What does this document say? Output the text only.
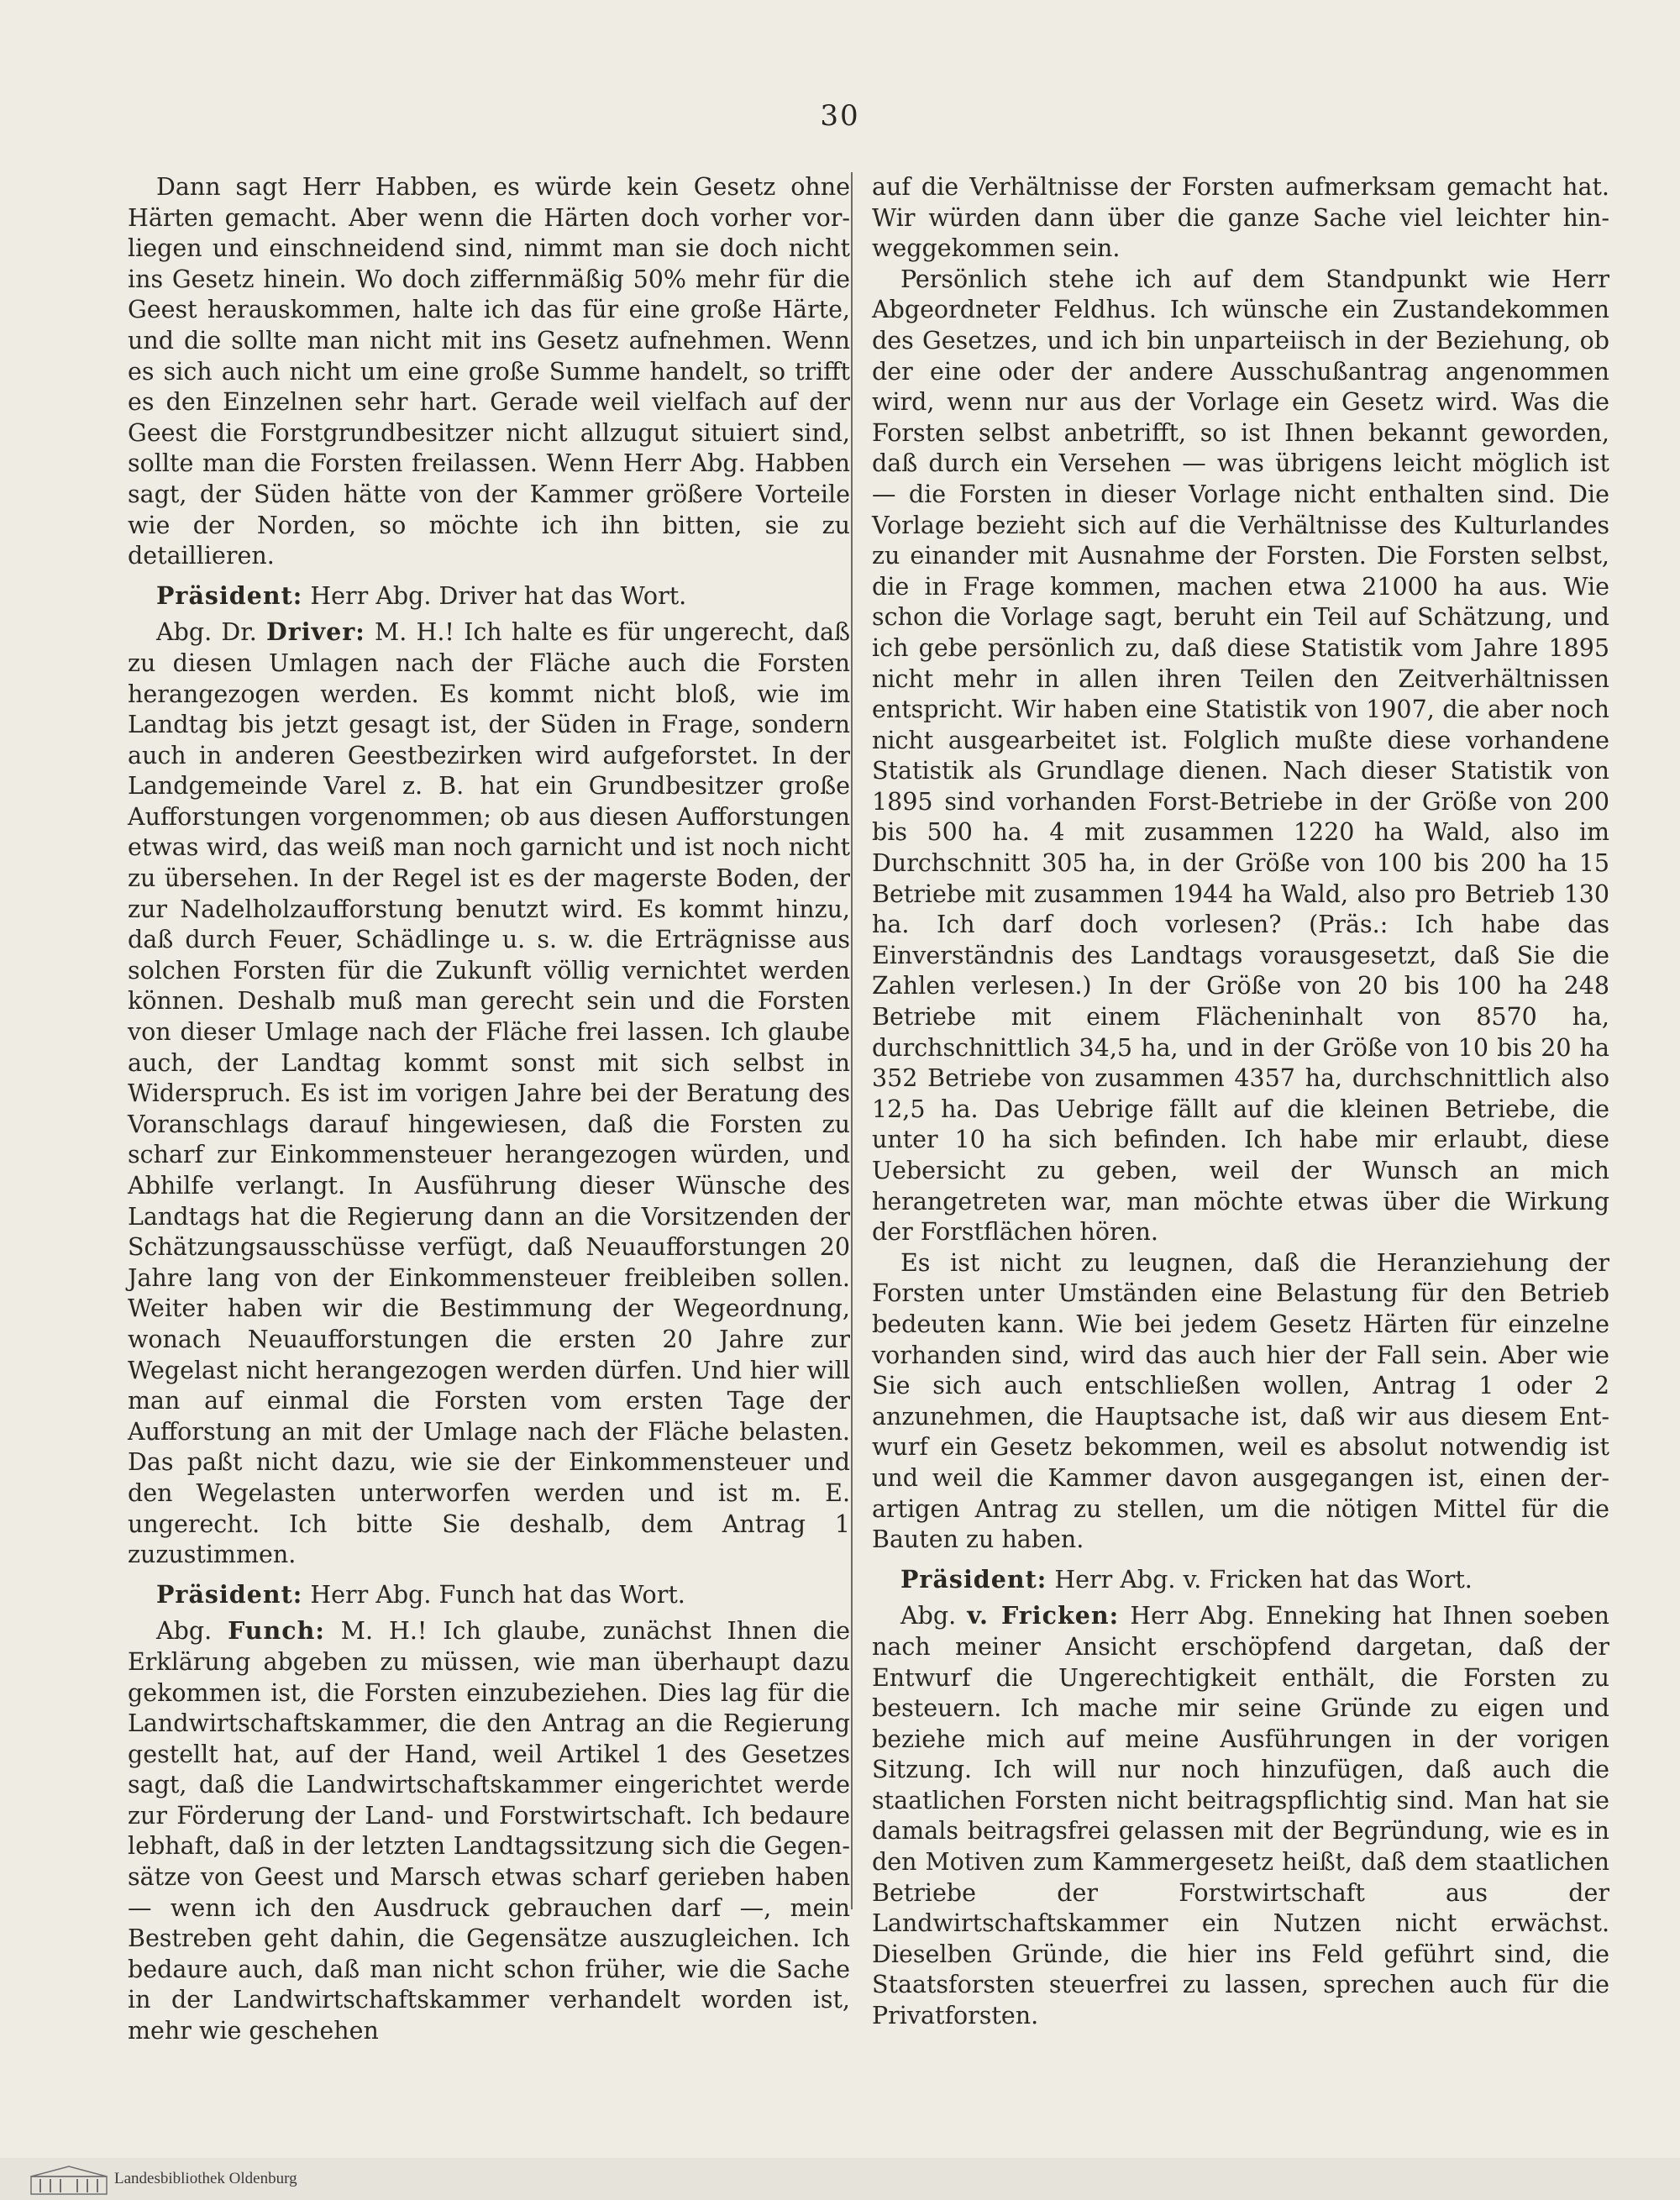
30

Dann sagt Herr Habben, es würde kein Gesetz ohne Härten gemacht. Aber wenn die Härten doch vorher vorliegen und einschneidend sind, nimmt man sie doch nicht ins Gesetz hinein. Wo doch ziffernmäßig 50% mehr für die Geest herauskommen, halte ich das für eine große Härte, und die sollte man nicht mit ins Gesetz aufnehmen. Wenn es sich auch nicht um eine große Summe handelt, so trifft es den Einzelnen sehr hart. Gerade weil vielfach auf der Geest die Forstgrundbesitzer nicht allzugut situiert sind, sollte man die Forsten freilassen. Wenn Herr Abg. Habben sagt, der Süden hätte von der Kammer größere Vorteile wie der Norden, so möchte ich ihn bitten, sie zu detaillieren.

Präsident: Herr Abg. Driver hat das Wort.

Abg. Dr. Driver: M. H.! Ich halte es für ungerecht, daß zu diesen Umlagen nach der Fläche auch die Forsten herangezogen werden. Es kommt nicht bloß, wie im Landtag bis jetzt gesagt ist, der Süden in Frage, sondern auch in anderen Geestbezirken wird aufgeforstet. In der Landgemeinde Varel z. B. hat ein Grundbesitzer große Aufforstungen vorgenommen; ob aus diesen Aufforstungen etwas wird, das weiß man noch garnicht und ist noch nicht zu übersehen. In der Regel ist es der magerste Boden, der zur Nadelholzaufforstung benutzt wird. Es kommt hinzu, daß durch Feuer, Schädlinge u. s. w. die Erträgnisse aus solchen Forsten für die Zukunft völlig vernichtet werden können. Deshalb muß man gerecht sein und die Forsten von dieser Umlage nach der Fläche frei lassen. Ich glaube auch, der Landtag kommt sonst mit sich selbst in Widerspruch. Es ist im vorigen Jahre bei der Beratung des Voranschlags darauf hingewiesen, daß die Forsten zu scharf zur Einkommensteuer herangezogen würden, und Abhilfe verlangt. In Ausführung dieser Wünsche des Landtags hat die Regierung dann an die Vorsitzenden der Schätzungsausschüsse verfügt, daß Neuaufforstungen 20 Jahre lang von der Einkommensteuer freibleiben sollen. Weiter haben wir die Bestimmung der Wegeordnung, wonach Neuaufforstungen die ersten 20 Jahre zur Wegelast nicht herangezogen werden dürfen. Und hier will man auf einmal die Forsten vom ersten Tage der Aufforstung an mit der Umlage nach der Fläche belasten. Das paßt nicht dazu, wie sie der Einkommensteuer und den Wegelasten unterworfen werden und ist m. E. ungerecht. Ich bitte Sie deshalb, dem Antrag 1 zuzustimmen.

Präsident: Herr Abg. Funch hat das Wort.

Abg. Funch: M. H.! Ich glaube, zunächst Ihnen die Erklärung abgeben zu müssen, wie man überhaupt dazu gekommen ist, die Forsten einzubeziehen. Dies lag für die Landwirtschaftskammer, die den Antrag an die Regierung gestellt hat, auf der Hand, weil Artikel 1 des Gesetzes sagt, daß die Landwirtschaftskammer eingerichtet werde zur Förderung der Land- und Forstwirtschaft. Ich bedaure lebhaft, daß in der letzten Landtagssitzung sich die Gegensätze von Geest und Marsch etwas scharf gerieben haben — wenn ich den Ausdruck gebrauchen darf —, mein Bestreben geht dahin, die Gegensätze auszugleichen. Ich bedaure auch, daß man nicht schon früher, wie die Sache in der Landwirtschaftskammer verhandelt worden ist, mehr wie geschehen

auf die Verhältnisse der Forsten aufmerksam gemacht hat. Wir würden dann über die ganze Sache viel leichter hinweggekommen sein.

Persönlich stehe ich auf dem Standpunkt wie Herr Abgeordneter Feldhus. Ich wünsche ein Zustandekommen des Gesetzes, und ich bin unparteiisch in der Beziehung, ob der eine oder der andere Ausschußantrag angenommen wird, wenn nur aus der Vorlage ein Gesetz wird. Was die Forsten selbst anbetrifft, so ist Ihnen bekannt geworden, daß durch ein Versehen — was übrigens leicht möglich ist — die Forsten in dieser Vorlage nicht enthalten sind. Die Vorlage bezieht sich auf die Verhältnisse des Kulturlandes zu einander mit Ausnahme der Forsten. Die Forsten selbst, die in Frage kommen, machen etwa 21000 ha aus. Wie schon die Vorlage sagt, beruht ein Teil auf Schätzung, und ich gebe persönlich zu, daß diese Statistik vom Jahre 1895 nicht mehr in allen ihren Teilen den Zeitverhältnissen entspricht. Wir haben eine Statistik von 1907, die aber noch nicht ausgearbeitet ist. Folglich mußte diese vorhandene Statistik als Grundlage dienen. Nach dieser Statistik von 1895 sind vorhanden Forst-Betriebe in der Größe von 200 bis 500 ha. 4 mit zusammen 1220 ha Wald, also im Durchschnitt 305 ha, in der Größe von 100 bis 200 ha 15 Betriebe mit zusammen 1944 ha Wald, also pro Betrieb 130 ha. Ich darf doch vorlesen? (Präs.: Ich habe das Einverständnis des Landtags vorausgesetzt, daß Sie die Zahlen verlesen.) In der Größe von 20 bis 100 ha 248 Betriebe mit einem Flächeninhalt von 8570 ha, durchschnittlich 34,5 ha, und in der Größe von 10 bis 20 ha 352 Betriebe von zusammen 4357 ha, durchschnittlich also 12,5 ha. Das Uebrige fällt auf die kleinen Betriebe, die unter 10 ha sich befinden. Ich habe mir erlaubt, diese Uebersicht zu geben, weil der Wunsch an mich herangetreten war, man möchte etwas über die Wirkung der Forstflächen hören.

Es ist nicht zu leugnen, daß die Heranziehung der Forsten unter Umständen eine Belastung für den Betrieb bedeuten kann. Wie bei jedem Gesetz Härten für einzelne vorhanden sind, wird das auch hier der Fall sein. Aber wie Sie sich auch entschließen wollen, Antrag 1 oder 2 anzunehmen, die Hauptsache ist, daß wir aus diesem Entwurf ein Gesetz bekommen, weil es absolut notwendig ist und weil die Kammer davon ausgegangen ist, einen derartigen Antrag zu stellen, um die nötigen Mittel für die Bauten zu haben.

Präsident: Herr Abg. v. Fricken hat das Wort.

Abg. v. Fricken: Herr Abg. Enneking hat Ihnen soeben nach meiner Ansicht erschöpfend dargetan, daß der Entwurf die Ungerechtigkeit enthält, die Forsten zu besteuern. Ich mache mir seine Gründe zu eigen und beziehe mich auf meine Ausführungen in der vorigen Sitzung. Ich will nur noch hinzufügen, daß auch die staatlichen Forsten nicht beitragspflichtig sind. Man hat sie damals beitragsfrei gelassen mit der Begründung, wie es in den Motiven zum Kammergesetz heißt, daß dem staatlichen Betriebe der Forstwirtschaft aus der Landwirtschaftskammer ein Nutzen nicht erwächst. Dieselben Gründe, die hier ins Feld geführt sind, die Staatsforsten steuerfrei zu lassen, sprechen auch für die Privatforsten.

Landesbibliothek Oldenburg
